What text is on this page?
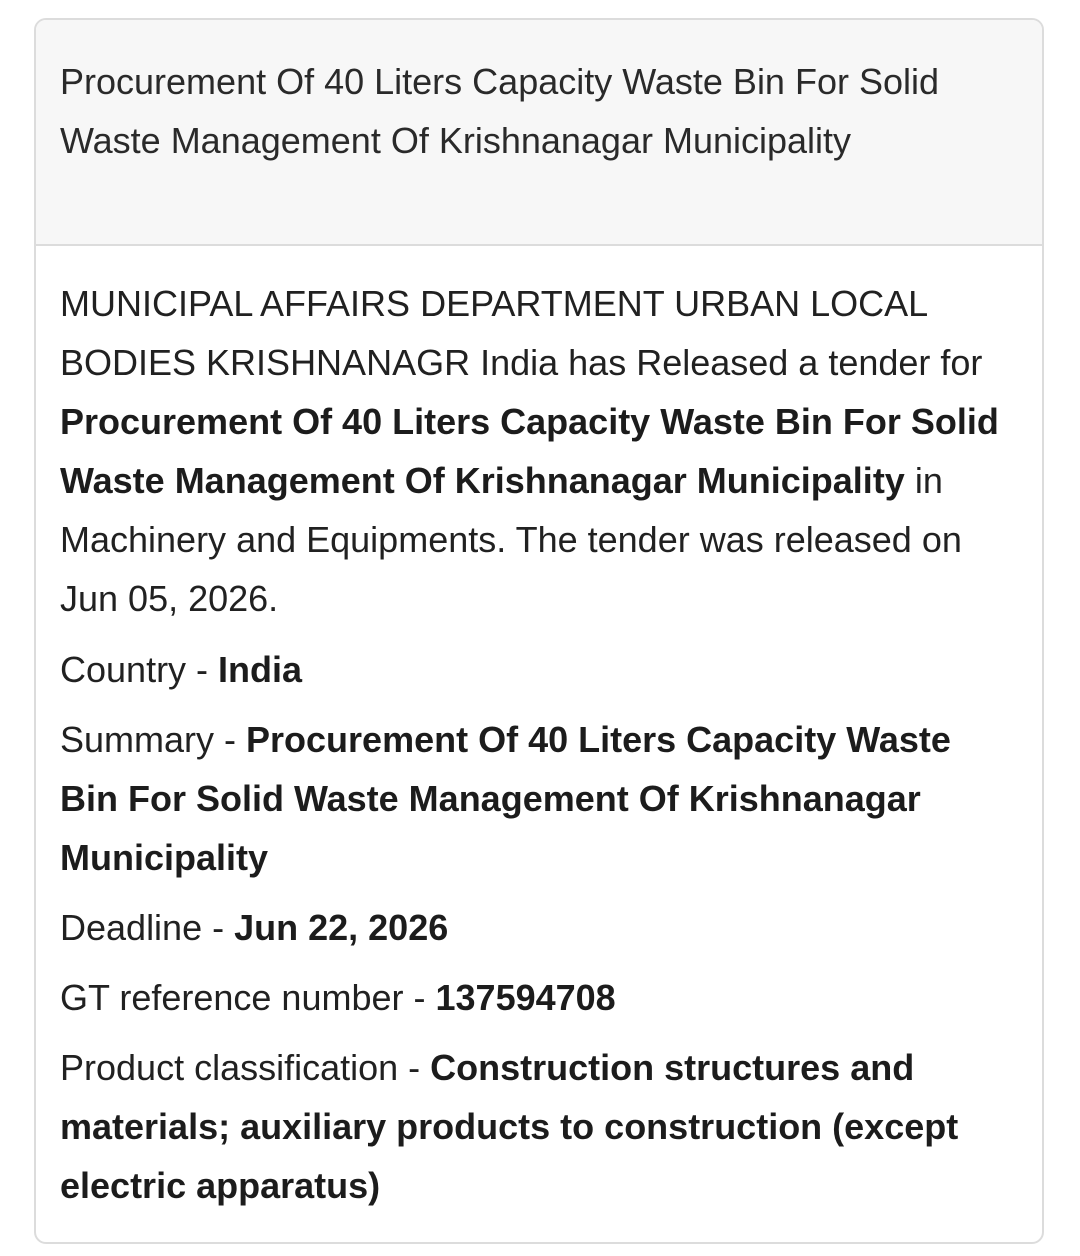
Procurement Of 40 Liters Capacity Waste Bin For Solid Waste Management Of Krishnanagar Municipality

MUNICIPAL AFFAIRS DEPARTMENT URBAN LOCAL BODIES KRISHNANAGR India has Released a tender for Procurement Of 40 Liters Capacity Waste Bin For Solid Waste Management Of Krishnanagar Municipality in Machinery and Equipments. The tender was released on Jun 05, 2026.

Country - India

Summary - Procurement Of 40 Liters Capacity Waste Bin For Solid Waste Management Of Krishnanagar Municipality

Deadline - Jun 22, 2026

GT reference number - 137594708

Product classification - Construction structures and materials; auxiliary products to construction (except electric apparatus)
